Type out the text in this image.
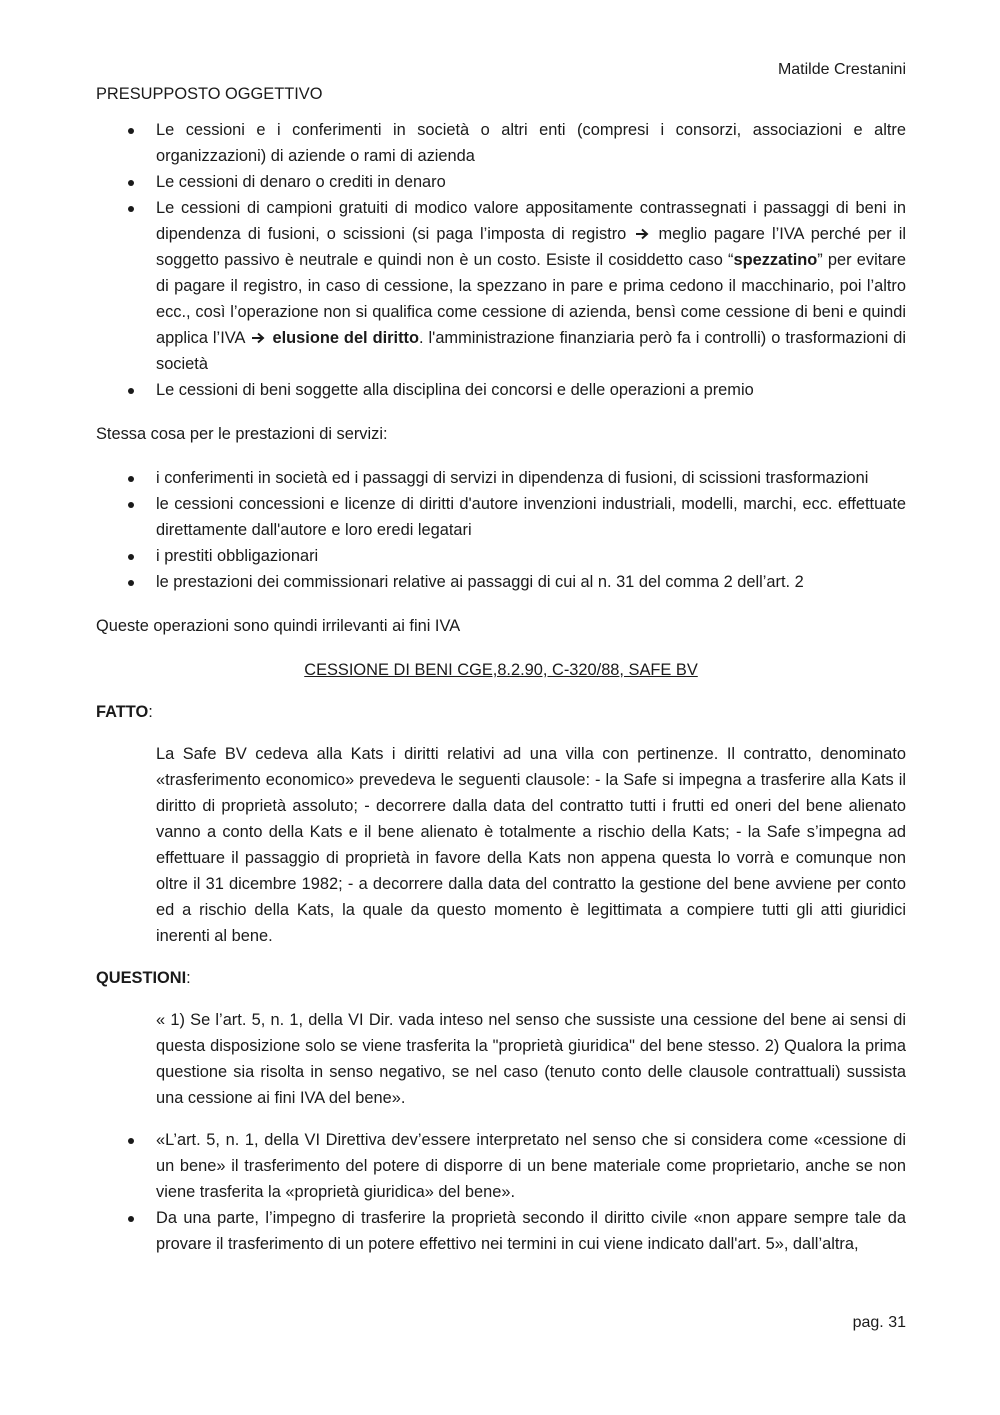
Matilde Crestanini

PRESUPPOSTO OGGETTIVO

Le cessioni e i conferimenti in società o altri enti (compresi i consorzi, associazioni e altre organizzazioni) di aziende o rami di azienda
Le cessioni di denaro o crediti in denaro
Le cessioni di campioni gratuiti di modico valore appositamente contrassegnati i passaggi di beni in dipendenza di fusioni, o scissioni (si paga l’imposta di registro meglio pagare l’IVA perché per il soggetto passivo è neutrale e quindi non è un costo. Esiste il cosiddetto caso “spezzatino” per evitare di pagare il registro, in caso di cessione, la spezzano in pare e prima cedono il macchinario, poi l’altro ecc., così l’operazione non si qualifica come cessione di azienda, bensì come cessione di beni e quindi applica l’IVA elusione del diritto. l'amministrazione finanziaria però fa i controlli) o trasformazioni di società
Le cessioni di beni soggette alla disciplina dei concorsi e delle operazioni a premio

Stessa cosa per le prestazioni di servizi:

i conferimenti in società ed i passaggi di servizi in dipendenza di fusioni, di scissioni trasformazioni
le cessioni concessioni e licenze di diritti d'autore invenzioni industriali, modelli, marchi, ecc. effettuate direttamente dall'autore e loro eredi legatari
i prestiti obbligazionari
le prestazioni dei commissionari relative ai passaggi di cui al n. 31 del comma 2 dell’art. 2

Queste operazioni sono quindi irrilevanti ai fini IVA

CESSIONE DI BENI CGE,8.2.90, C-320/88, SAFE BV

FATTO:

La Safe BV cedeva alla Kats i diritti relativi ad una villa con pertinenze. Il contratto, denominato «trasferimento economico» prevedeva le seguenti clausole: - la Safe si impegna a trasferire alla Kats il diritto di proprietà assoluto; - decorrere dalla data del contratto tutti i frutti ed oneri del bene alienato vanno a conto della Kats e il bene alienato è totalmente a rischio della Kats; - la Safe s’impegna ad effettuare il passaggio di proprietà in favore della Kats non appena questa lo vorrà e comunque non oltre il 31 dicembre 1982; - a decorrere dalla data del contratto la gestione del bene avviene per conto ed a rischio della Kats, la quale da questo momento è legittimata a compiere tutti gli atti giuridici inerenti al bene.

QUESTIONI:

« 1) Se l’art. 5, n. 1, della VI Dir. vada inteso nel senso che sussiste una cessione del bene ai sensi di questa disposizione solo se viene trasferita la "proprietà giuridica" del bene stesso. 2) Qualora la prima questione sia risolta in senso negativo, se nel caso (tenuto conto delle clausole contrattuali) sussista una cessione ai fini IVA del bene».

«L’art. 5, n. 1, della VI Direttiva dev’essere interpretato nel senso che si considera come «cessione di un bene» il trasferimento del potere di disporre di un bene materiale come proprietario, anche se non viene trasferita la «proprietà giuridica» del bene».
Da una parte, l’impegno di trasferire la proprietà secondo il diritto civile «non appare sempre tale da provare il trasferimento di un potere effettivo nei termini in cui viene indicato dall'art. 5», dall’altra,
pag. 31
